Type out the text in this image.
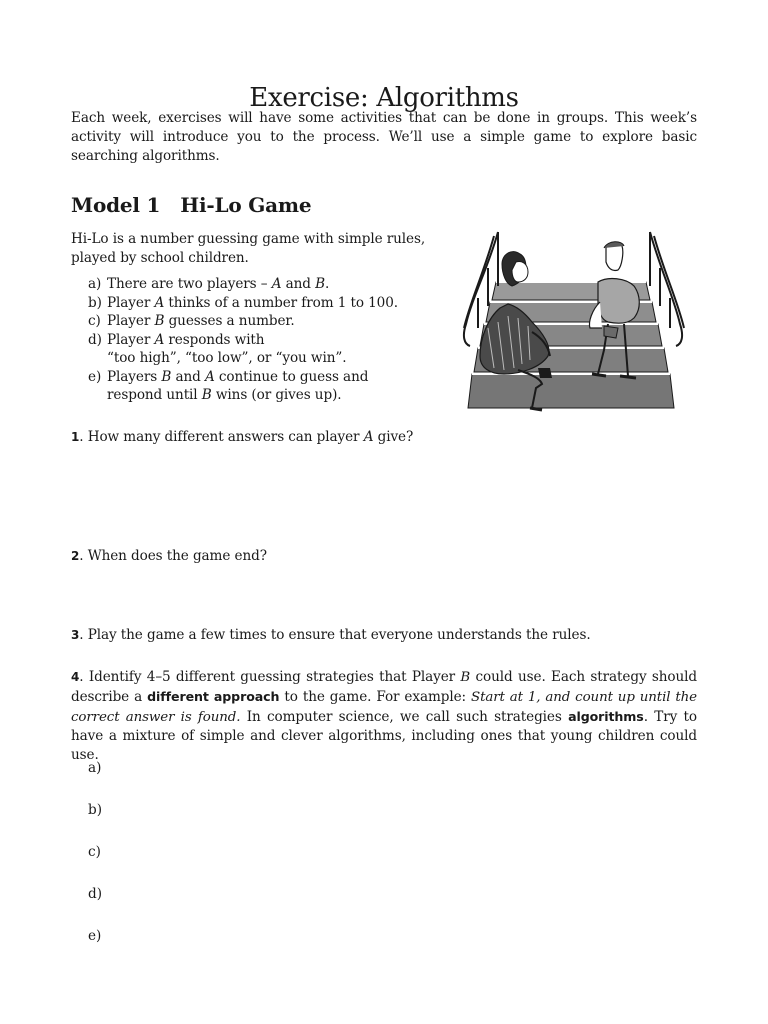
Exercise: Algorithms

Each week, exercises will have some activities that can be done in groups. This week’s activity will introduce you to the process. We’ll use a simple game to explore basic searching algorithms.

Model 1 Hi-Lo Game

Hi-Lo is a number guessing game with simple rules, played by school children.

a) There are two players – A and B.
b) Player A thinks of a number from 1 to 100.
c) Player B guesses a number.
d) Player A responds with
“too high”, “too low”, or “you win”.
e) Players B and A continue to guess and
respond until B wins (or gives up).

1. How many different answers can player A give?

2. When does the game end?

3. Play the game a few times to ensure that everyone understands the rules.

4. Identify 4–5 different guessing strategies that Player B could use. Each strategy should describe a different approach to the game. For example: Start at 1, and count up until the correct answer is found. In computer science, we call such strategies algorithms. Try to have a mixture of simple and clever algorithms, including ones that young children could use.

a)
b)
c)
d)
e)
